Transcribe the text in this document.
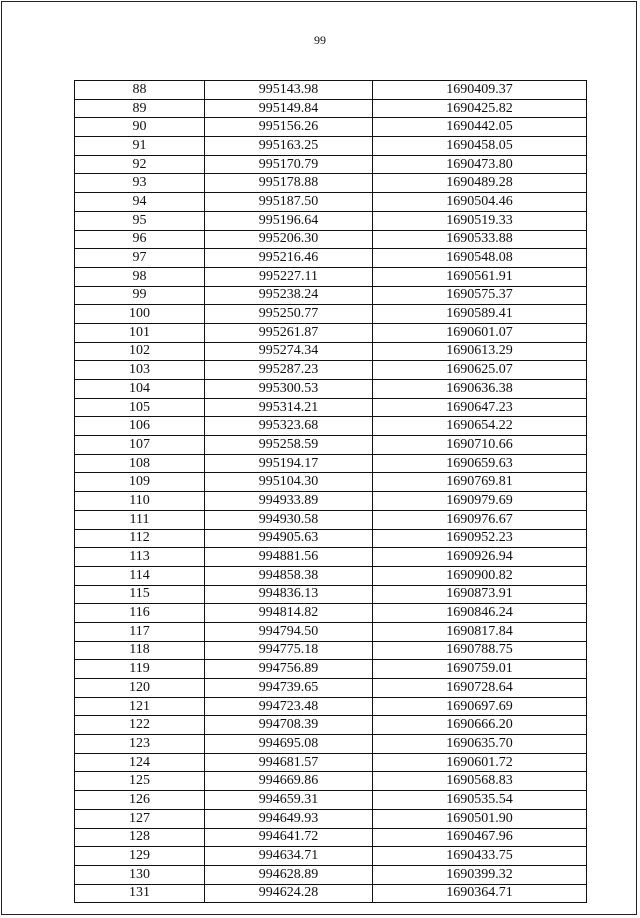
99
88	995143.98	1690409.37
89	995149.84	1690425.82
90	995156.26	1690442.05
91	995163.25	1690458.05
92	995170.79	1690473.80
93	995178.88	1690489.28
94	995187.50	1690504.46
95	995196.64	1690519.33
96	995206.30	1690533.88
97	995216.46	1690548.08
98	995227.11	1690561.91
99	995238.24	1690575.37
100	995250.77	1690589.41
101	995261.87	1690601.07
102	995274.34	1690613.29
103	995287.23	1690625.07
104	995300.53	1690636.38
105	995314.21	1690647.23
106	995323.68	1690654.22
107	995258.59	1690710.66
108	995194.17	1690659.63
109	995104.30	1690769.81
110	994933.89	1690979.69
111	994930.58	1690976.67
112	994905.63	1690952.23
113	994881.56	1690926.94
114	994858.38	1690900.82
115	994836.13	1690873.91
116	994814.82	1690846.24
117	994794.50	1690817.84
118	994775.18	1690788.75
119	994756.89	1690759.01
120	994739.65	1690728.64
121	994723.48	1690697.69
122	994708.39	1690666.20
123	994695.08	1690635.70
124	994681.57	1690601.72
125	994669.86	1690568.83
126	994659.31	1690535.54
127	994649.93	1690501.90
128	994641.72	1690467.96
129	994634.71	1690433.75
130	994628.89	1690399.32
131	994624.28	1690364.71
